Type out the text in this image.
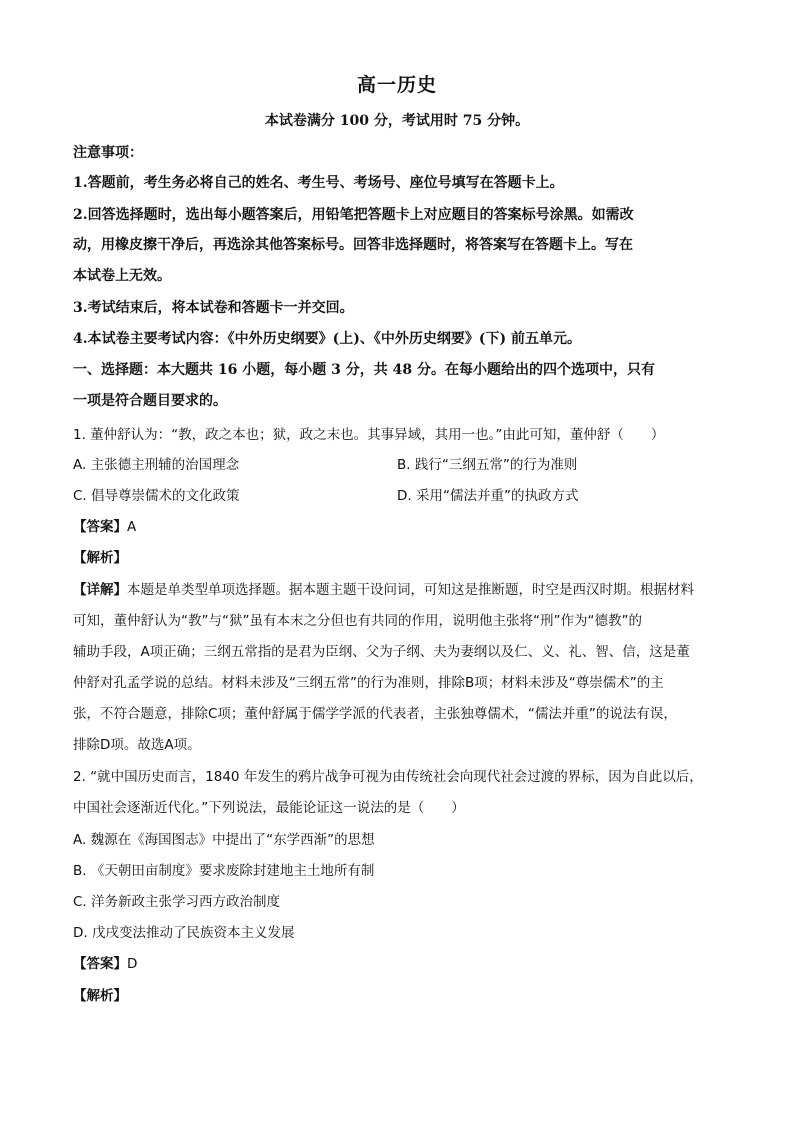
高一历史
本试卷满分 100 分，考试用时 75 分钟。
注意事项：
1.答题前，考生务必将自己的姓名、考生号、考场号、座位号填写在答题卡上。
2.回答选择题时，选出每小题答案后，用铅笔把答题卡上对应题目的答案标号涂黑。如需改
动，用橡皮擦干净后，再选涂其他答案标号。回答非选择题时，将答案写在答题卡上。写在
本试卷上无效。
3.考试结束后，将本试卷和答题卡一并交回。
4.本试卷主要考试内容：《中外历史纲要》(上)、《中外历史纲要》(下) 前五单元。
一、选择题：本大题共 16 小题，每小题 3 分，共 48 分。在每小题给出的四个选项中，只有
一项是符合题目要求的。
1. 董仲舒认为：“教，政之本也；狱，政之末也。其事异域，其用一也。”由此可知，董仲舒（　　）
A. 主张德主刑辅的治国理念	B. 践行“三纲五常”的行为准则
C. 倡导尊崇儒术的文化政策	D. 采用“儒法并重”的执政方式
【答案】A
【解析】
【详解】本题是单类型单项选择题。据本题主题干设问词，可知这是推断题，时空是西汉时期。根据材料
可知，董仲舒认为“教”与“狱”虽有本末之分但也有共同的作用，说明他主张将“刑”作为“德教”的
辅助手段，A项正确；三纲五常指的是君为臣纲、父为子纲、夫为妻纲以及仁、义、礼、智、信，这是董
仲舒对孔孟学说的总结。材料未涉及“三纲五常”的行为准则，排除B项；材料未涉及“尊崇儒术”的主
张，不符合题意，排除C项；董仲舒属于儒学学派的代表者，主张独尊儒术，“儒法并重”的说法有误，
排除D项。故选A项。
2. “就中国历史而言，1840 年发生的鸦片战争可视为由传统社会向现代社会过渡的界标，因为自此以后，
中国社会逐渐近代化。”下列说法，最能论证这一说法的是（　　）
A. 魏源在《海国图志》中提出了“东学西渐”的思想
B. 《天朝田亩制度》要求废除封建地主土地所有制
C. 洋务新政主张学习西方政治制度
D. 戊戌变法推动了民族资本主义发展
【答案】D
【解析】
